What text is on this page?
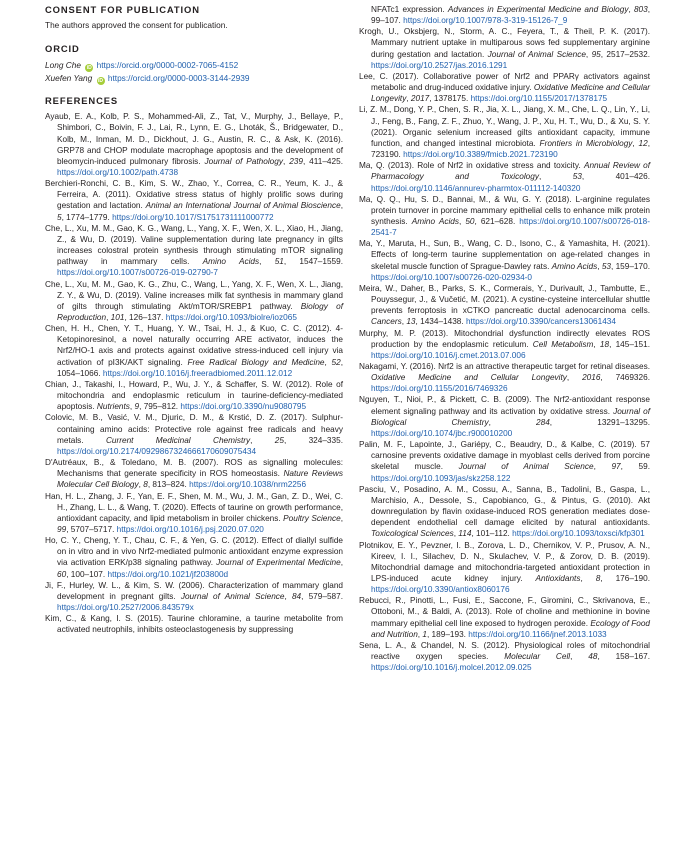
CONSENT FOR PUBLICATION
The authors approved the consent for publication.
ORCID
Long Che iD https://orcid.org/0000-0002-7065-4152
Xuefen Yang iD https://orcid.org/0000-0003-3144-2939
REFERENCES

Ayaub, E. A., Kolb, P. S., Mohammed-Ali, Z., Tat, V., Murphy, J., Bellaye, P., Shimbori, C., Boivin, F. J., Lai, R., Lynn, E. G., Lhoták, Š., Bridgewater, D., Kolb, M., Inman, M. D., Dickhout, J. G., Austin, R. C., & Ask, K. (2016). GRP78 and CHOP modulate macrophage apoptosis and the development of bleomycin-induced pulmonary fibrosis. Journal of Pathology, 239, 411–425. https://doi.org/10.1002/path.4738

Berchieri-Ronchi, C. B., Kim, S. W., Zhao, Y., Correa, C. R., Yeum, K. J., & Ferreira, A. (2011). Oxidative stress status of highly prolific sows during gestation and lactation. Animal an International Journal of Animal Bioscience, 5, 1774–1779. https://doi.org/10.1017/S1751731111000772

Che, L., Xu, M. M., Gao, K. G., Wang, L., Yang, X. F., Wen, X. L., Xiao, H., Jiang, Z., & Wu, D. (2019). Valine supplementation during late pregnancy in gilts increases colostral protein synthesis through stimulating mTOR signaling pathway in mammary cells. Amino Acids, 51, 1547–1559. https://doi.org/10.1007/s00726-019-02790-7

Che, L., Xu, M. M., Gao, K. G., Zhu, C., Wang, L., Yang, X. F., Wen, X. L., Jiang, Z. Y., & Wu, D. (2019). Valine increases milk fat synthesis in mammary gland of gilts through stimulating Akt/mTOR/SREBP1 pathway. Biology of Reproduction, 101, 126–137. https://doi.org/10.1093/biolre/ioz065

Chen, H. H., Chen, Y. T., Huang, Y. W., Tsai, H. J., & Kuo, C. C. (2012). 4-Ketopinoresinol, a novel naturally occurring ARE activator, induces the Nrf2/HO-1 axis and protects against oxidative stress-induced cell injury via activation of pI3K/AKT signaling. Free Radical Biology and Medicine, 52, 1054–1066. https://doi.org/10.1016/j.freeradbiomed.2011.12.012

Chian, J., Takashi, I., Howard, P., Wu, J. Y., & Schaffer, S. W. (2012). Role of mitochondria and endoplasmic reticulum in taurine-deficiency-mediated apoptosis. Nutrients, 9, 795–812. https://doi.org/10.3390/nu9080795

Colovic, M. B., Vasić, V. M., Djuric, D. M., & Krstić, D. Z. (2017). Sulphur-containing amino acids: Protective role against free radicals and heavy metals.	Current Medicinal Chemistry, 25, 324–335. https://doi.org/10.2174/0929867324666170609075434

D'Autréaux, B., & Toledano, M. B. (2007). ROS as signalling molecules: Mechanisms that generate specificity in ROS homeostasis. Nature Reviews Molecular Cell Biology, 8, 813–824. https://doi.org/10.1038/nrm2256

Han, H. L., Zhang, J. F., Yan, E. F., Shen, M. M., Wu, J. M., Gan, Z. D., Wei, C. H., Zhang, L. L., & Wang, T. (2020). Effects of taurine on growth performance, antioxidant capacity, and lipid metabolism in broiler chickens. Poultry Science, 99, 5707–5717. https://doi.org/10.1016/j.psj.2020.07.020

Ho, C. Y., Cheng, Y. T., Chau, C. F., & Yen, G. C. (2012). Effect of diallyl sulfide on in vitro and in vivo Nrf2-mediated pulmonic antioxidant enzyme expression via activation ERK/p38 signaling pathway. Journal of Experimental Medicine, 60, 100–107. https://doi.org/10.1021/jf203800d

Ji, F., Hurley, W. L., & Kim, S. W. (2006). Characterization of mammary gland development in pregnant gilts. Journal of Animal Science, 84, 579–587. https://doi.org/10.2527/2006.843579x

Kim, C., & Kang, I. S. (2015). Taurine chloramine, a taurine metabolite from activated neutrophils, inhibits osteoclastogenesis by suppressing

NFATc1 expression. Advances in Experimental Medicine and Biology, 803, 99–107. https://doi.org/10.1007/978-3-319-15126-7_9

Krogh, U., Oksbjerg, N., Storm, A. C., Feyera, T., & Theil, P. K. (2017). Mammary nutrient uptake in multiparous sows fed supplementary arginine during gestation and lactation. Journal of Animal Science, 95, 2517–2532. https://doi.org/10.2527/jas.2016.1291

Lee, C. (2017). Collaborative power of Nrf2 and PPARγ activators against metabolic and drug-induced oxidative injury. Oxidative Medicine and Cellular Longevity, 2017, 1378175. https://doi.org/10.1155/2017/1378175

Li, Z. M., Dong, Y. P., Chen, S. R., Jia, X. L., Jiang, X. M., Che, L. Q., Lin, Y., Li, J., Feng, B., Fang, Z. F., Zhuo, Y., Wang, J. P., Xu, H. T., Wu, D., & Xu, S. Y. (2021). Organic selenium increased gilts antioxidant capacity, immune function, and changed intestinal microbiota. Frontiers in Microbiology, 12, 723190. https://doi.org/10.3389/fmicb.2021.723190

Ma, Q. (2013). Role of Nrf2 in oxidative stress and toxicity. Annual Review of Pharmacology and Toxicology, 53, 401–426. https://doi.org/10.1146/annurev-pharmtox-011112-140320

Ma, Q. Q., Hu, S. D., Bannai, M., & Wu, G. Y. (2018). L-arginine regulates protein turnover in porcine mammary epithelial cells to enhance milk protein synthesis. Amino Acids, 50, 621–628. https://doi.org/10.1007/s00726-018-2541-7

Ma, Y., Maruta, H., Sun, B., Wang, C. D., Isono, C., & Yamashita, H. (2021). Effects of long-term taurine supplementation on age-related changes in skeletal muscle function of Sprague-Dawley rats. Amino Acids, 53, 159–170. https://doi.org/10.1007/s00726-020-02934-0

Meira, W., Daher, B., Parks, S. K., Cormerais, Y., Durivault, J., Tambutte, E., Pouyssegur, J., & Vučetić, M. (2021). A cystine-cysteine intercellular shuttle prevents ferroptosis in xCTKO pancreatic ductal adenocarcinoma cells. Cancers, 13, 1434–1438. https://doi.org/10.3390/cancers13061434

Murphy, M. P. (2013). Mitochondrial dysfunction indirectly elevates ROS production by the endoplasmic reticulum. Cell Metabolism, 18, 145–151. https://doi.org/10.1016/j.cmet.2013.07.006

Nakagami, Y. (2016). Nrf2 is an attractive therapeutic target for retinal diseases. Oxidative Medicine and Cellular Longevity, 2016, 7469326. https://doi.org/10.1155/2016/7469326

Nguyen, T., Nioi, P., & Pickett, C. B. (2009). The Nrf2-antioxidant response element signaling pathway and its activation by oxidative stress. Journal of Biological Chemistry, 284, 13291–13295. https://doi.org/10.1074/jbc.r900010200

Palin, M. F., Lapointe, J., Gariépy, C., Beaudry, D., & Kalbe, C. (2019). 57 carnosine prevents oxidative damage in myoblast cells derived from porcine skeletal muscle. Journal of Animal Science, 97, 59. https://doi.org/10.1093/jas/skz258.122

Pasciu, V., Posadino, A. M., Cossu, A., Sanna, B., Tadolini, B., Gaspa, L., Marchisio, A., Dessole, S., Capobianco, G., & Pintus, G. (2010). Akt downregulation by flavin oxidase-induced ROS generation mediates dose-dependent endothelial cell damage elicited by natural antioxidants. Toxicological Sciences, 114, 101–112. https://doi.org/10.1093/toxsci/kfp301

Plotnikov, E. Y., Pevzner, I. B., Zorova, L. D., Chernikov, V. P., Prusov, A. N., Kireev, I. I., Silachev, D. N., Skulachev, V. P., & Zorov, D. B. (2019). Mitochondrial damage and mitochondria-targeted antioxidant protection in LPS-induced acute kidney injury. Antioxidants, 8, 176–190. https://doi.org/10.3390/antiox8060176

Rebucci, R., Pinotti, L., Fusi, E., Saccone, F., Giromini, C., Skrivanova, E., Ottoboni, M., & Baldi, A. (2013). Role of choline and methionine in bovine mammary epithelial cell line exposed to hydrogen peroxide. Ecology of Food and Nutrition, 1, 189–193. https://doi.org/10.1166/jnef.2013.1033

Sena, L. A., & Chandel, N. S. (2012). Physiological roles of mitochondrial reactive oxygen species. Molecular Cell, 48, 158–167. https://doi.org/10.1016/j.molcel.2012.09.025
